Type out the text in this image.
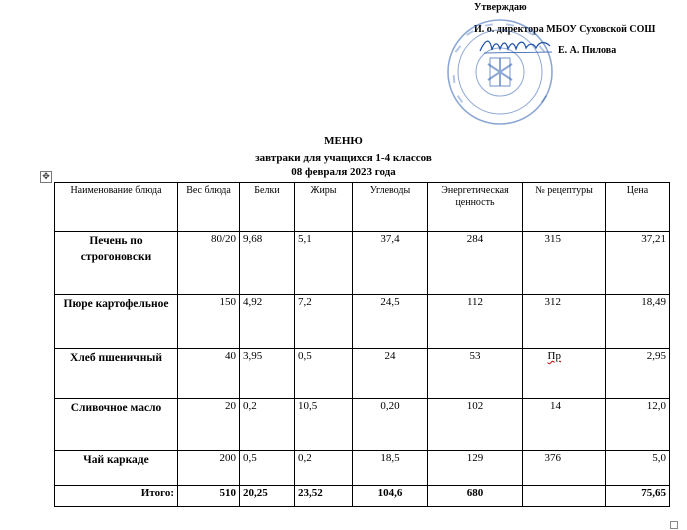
Утверждаю
И. о. директора МБОУ Суховской СОШ
Е. А. Пилова
МЕНЮ
завтраки для учащихся 1-4 классов
08 февраля 2023 года
✥
Наименование блюда	Вес блюда	Белки	Жиры	Углеводы	Энергетическая ценность	№ рецептуры	Цена
Печень по строгоновски	80/20	9,68	5,1	37,4	284	315	37,21
Пюре картофельное	150	4,92	7,2	24,5	112	312	18,49
Хлеб пшеничный	40	3,95	0,5	24	53	Пр	2,95
Сливочное масло	20	0,2	10,5	0,20	102	14	12,0
Чай каркаде	200	0,5	0,2	18,5	129	376	5,0
Итого:	510	20,25	23,52	104,6	680		75,65
